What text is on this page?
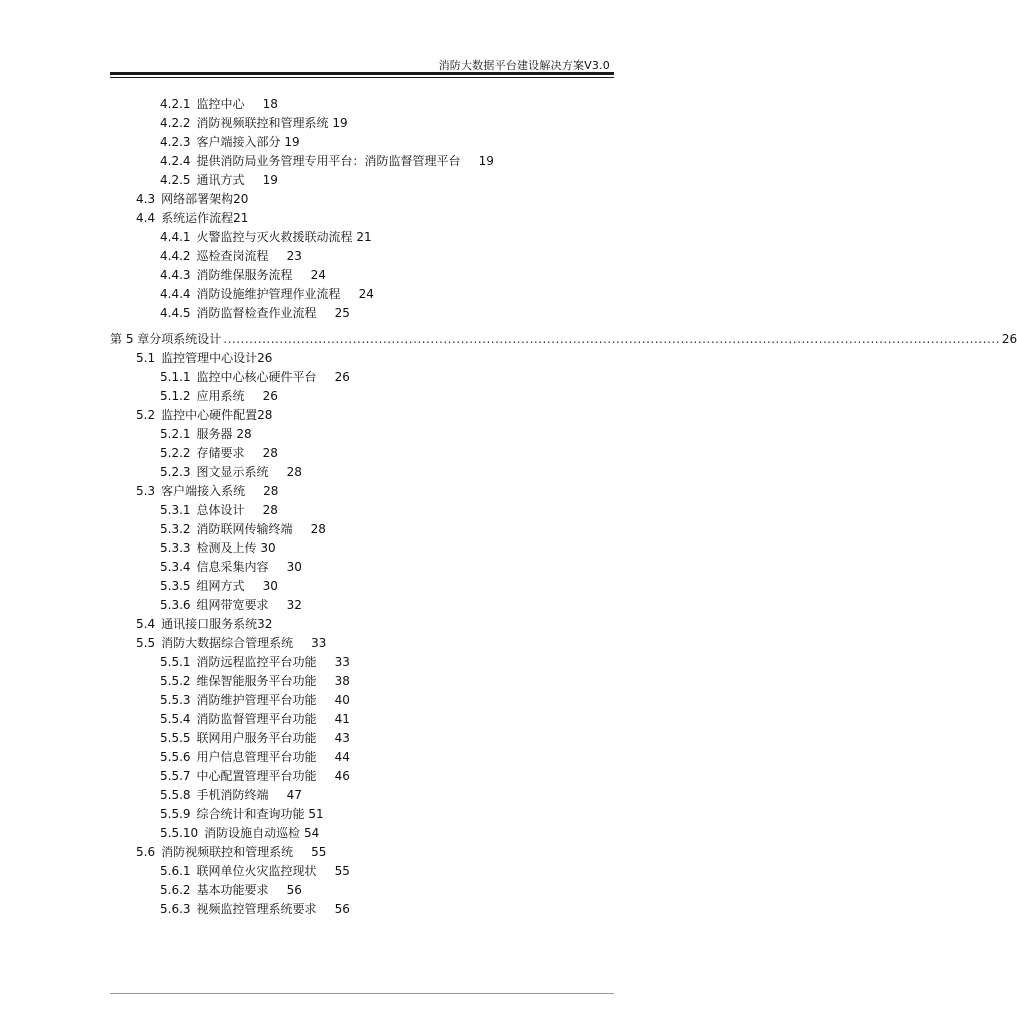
消防大数据平台建设解决方案V3.0
4.2.1 监控中心 18
4.2.2 消防视频联控和管理系统 19
4.2.3 客户端接入部分 19
4.2.4 提供消防局业务管理专用平台：消防监督管理平台 19
4.2.5 通讯方式 19
4.3 网络部署架构20
4.4 系统运作流程21
4.4.1 火警监控与灭火救援联动流程 21
4.4.2 巡检查岗流程 23
4.4.3 消防维保服务流程 24
4.4.4 消防设施维护管理作业流程 24
4.4.5 消防监督检查作业流程 25
第 5 章 分项系统设计 .................................................................................................................................................................................... 26
5.1 监控管理中心设计26
5.1.1 监控中心核心硬件平台 26
5.1.2 应用系统 26
5.2 监控中心硬件配置28
5.2.1 服务器 28
5.2.2 存储要求 28
5.2.3 图文显示系统 28
5.3 客户端接入系统 28
5.3.1 总体设计 28
5.3.2 消防联网传输终端 28
5.3.3 检测及上传 30
5.3.4 信息采集内容 30
5.3.5 组网方式 30
5.3.6 组网带宽要求 32
5.4 通讯接口服务系统32
5.5 消防大数据综合管理系统 33
5.5.1 消防远程监控平台功能 33
5.5.2 维保智能服务平台功能 38
5.5.3 消防维护管理平台功能 40
5.5.4 消防监督管理平台功能 41
5.5.5 联网用户服务平台功能 43
5.5.6 用户信息管理平台功能 44
5.5.7 中心配置管理平台功能 46
5.5.8 手机消防终端 47
5.5.9 综合统计和查询功能 51
5.5.10 消防设施自动巡检 54
5.6 消防视频联控和管理系统 55
5.6.1 联网单位火灾监控现状 55
5.6.2 基本功能要求 56
5.6.3 视频监控管理系统要求 56
